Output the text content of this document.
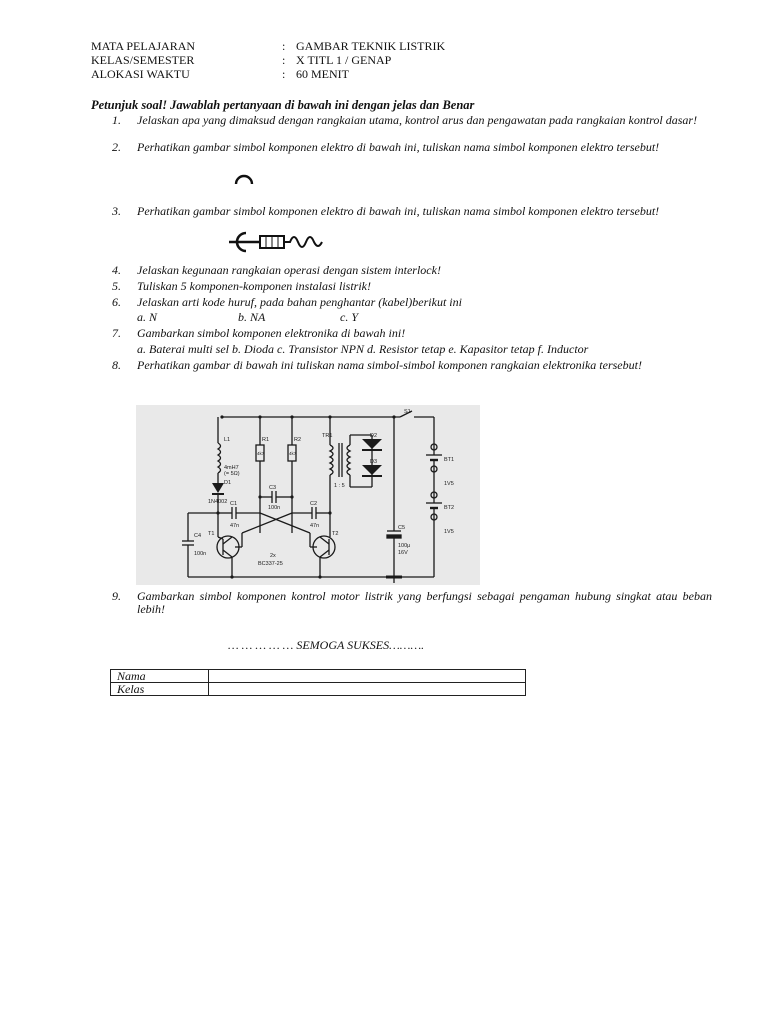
MATA PELAJARAN	: GAMBAR TEKNIK LISTRIK
KELAS/SEMESTER	: X TITL 1 / GENAP
ALOKASI WAKTU	: 60 MENIT
Petunjuk soal! Jawablah pertanyaan di bawah ini dengan jelas dan Benar
1. Jelaskan apa yang dimaksud dengan rangkaian utama, kontrol arus dan pengawatan pada rangkaian kontrol dasar!
2. Perhatikan gambar simbol komponen elektro di bawah ini, tuliskan nama simbol komponen elektro tersebut!
3. Perhatikan gambar simbol komponen elektro di bawah ini, tuliskan nama simbol komponen elektro tersebut!
4. Jelaskan kegunaan rangkaian operasi dengan sistem interlock!
5. Tuliskan 5 komponen-komponen instalasi listrik!
6. Jelaskan arti kode huruf, pada bahan penghantar (kabel)berikut ini
a. N	b. NA	c. Y
7. Gambarkan simbol komponen elektronika di bawah ini!
a. Baterai multi sel b. Dioda c. Transistor NPN d. Resistor tetap e. Kapasitor tetap f. Inductor
8. Perhatikan gambar di bawah ini tuliskan nama simbol-simbol komponen rangkaian elektronika tersebut!
L1
4mH7
(= 5Ω)
D1
1N4002
R1
4k7
R2
4k7
C3
100n
C1
47n
C2
47n
C4
100n
T1	T2
2x
BC337-25
TR1
1 : 5
D2
D3
S1
C5
100μ
16V
BT1
1V5
BT2
1V5
9. Gambarkan simbol komponen kontrol motor listrik yang berfungsi sebagai pengaman hubung singkat atau beban lebih!
… … … … … SEMOGA SUKSES……….
Nama	
Kelas	
